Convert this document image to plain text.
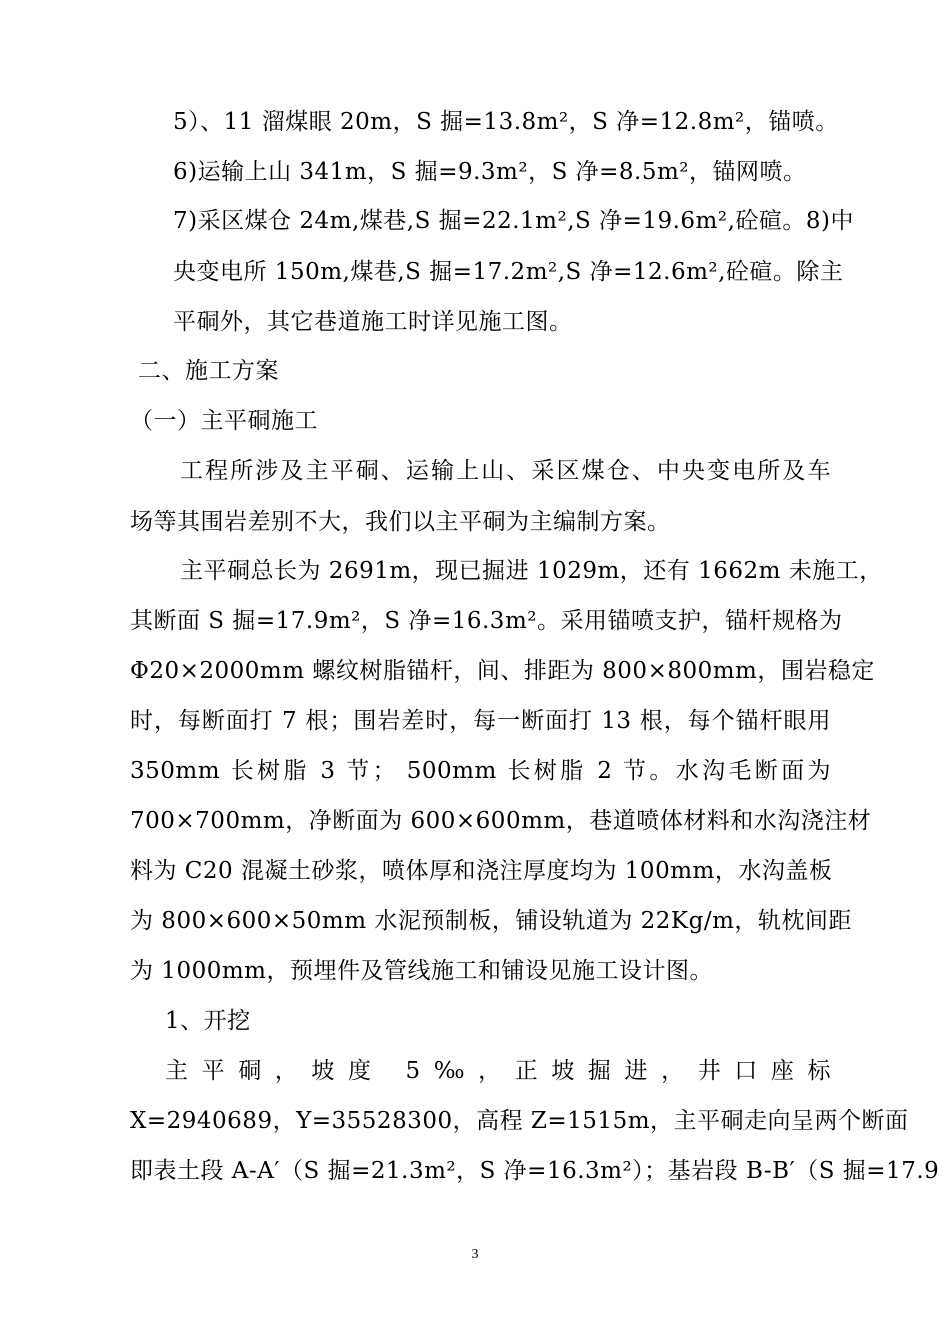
5）、11 溜煤眼 20m，S 掘=13.8m²，S 净=12.8m²，锚喷。
6)运输上山 341m，S 掘=9.3m²，S 净=8.5m²，锚网喷。
7)采区煤仓 24m,煤巷,S 掘=22.1m²,S 净=19.6m²,砼碹。8)中
央变电所 150m,煤巷,S 掘=17.2m²,S 净=12.6m²,砼碹。除主
平硐外，其它巷道施工时详见施工图。
二、施工方案
（一）主平硐施工
工程所涉及主平硐、运输上山、采区煤仓、中央变电所及车
场等其围岩差别不大，我们以主平硐为主编制方案。
主平硐总长为 2691m，现已掘进 1029m，还有 1662m 未施工，
其断面 S 掘=17.9m²，S 净=16.3m²。采用锚喷支护，锚杆规格为
Φ20×2000mm 螺纹树脂锚杆，间、排距为 800×800mm，围岩稳定
时，每断面打 7 根；围岩差时，每一断面打 13 根，每个锚杆眼用
350mm 长树脂 3 节； 500mm 长树脂 2 节。水沟毛断面为
700×700mm，净断面为 600×600mm，巷道喷体材料和水沟浇注材
料为 C20 混凝土砂浆，喷体厚和浇注厚度均为 100mm，水沟盖板
为 800×600×50mm 水泥预制板，铺设轨道为 22Kg/m，轨枕间距
为 1000mm，预埋件及管线施工和铺设见施工设计图。
1、开挖
主平硐，坡度 5‰，正坡掘进，井口座标
X=2940689，Y=35528300，高程 Z=1515m，主平硐走向呈两个断面
即表土段 A-A′（S 掘=21.3m²，S 净=16.3m²）；基岩段 B-B′（S 掘=17.9
3
